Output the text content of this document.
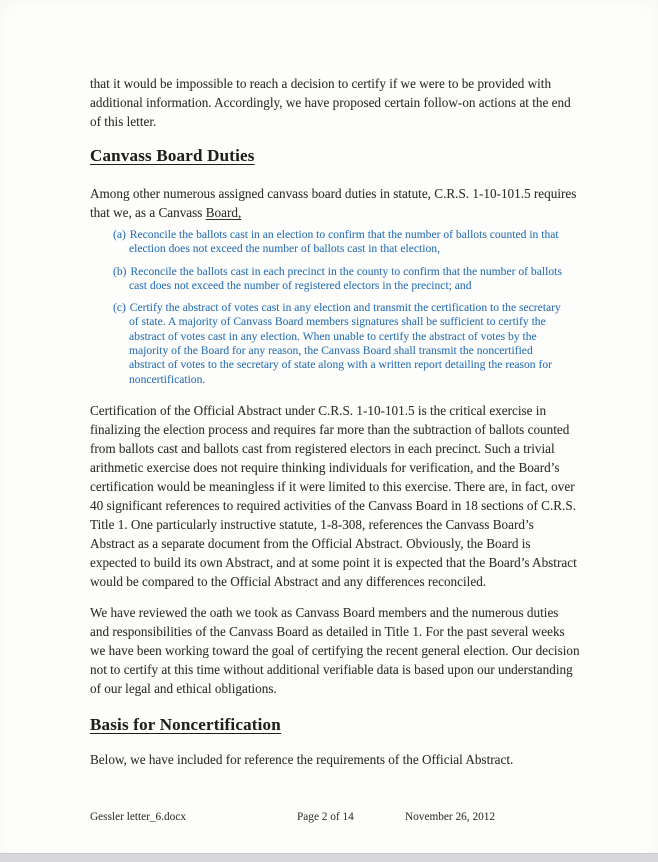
that it would be impossible to reach a decision to certify if we were to be provided with additional information. Accordingly, we have proposed certain follow-on actions at the end of this letter.

Canvass Board Duties

Among other numerous assigned canvass board duties in statute, C.R.S. 1-10-101.5 requires that we, as a Canvass Board,

(a) Reconcile the ballots cast in an election to confirm that the number of ballots counted in that election does not exceed the number of ballots cast in that election,
(b) Reconcile the ballots cast in each precinct in the county to confirm that the number of ballots cast does not exceed the number of registered electors in the precinct; and
(c) Certify the abstract of votes cast in any election and transmit the certification to the secretary of state. A majority of Canvass Board members signatures shall be sufficient to certify the abstract of votes cast in any election. When unable to certify the abstract of votes by the majority of the Board for any reason, the Canvass Board shall transmit the noncertified abstract of votes to the secretary of state along with a written report detailing the reason for noncertification.

Certification of the Official Abstract under C.R.S. 1-10-101.5 is the critical exercise in finalizing the election process and requires far more than the subtraction of ballots counted from ballots cast and ballots cast from registered electors in each precinct. Such a trivial arithmetic exercise does not require thinking individuals for verification, and the Board’s certification would be meaningless if it were limited to this exercise. There are, in fact, over 40 significant references to required activities of the Canvass Board in 18 sections of C.R.S. Title 1. One particularly instructive statute, 1-8-308, references the Canvass Board’s Abstract as a separate document from the Official Abstract. Obviously, the Board is expected to build its own Abstract, and at some point it is expected that the Board’s Abstract would be compared to the Official Abstract and any differences reconciled.

We have reviewed the oath we took as Canvass Board members and the numerous duties and responsibilities of the Canvass Board as detailed in Title 1. For the past several weeks we have been working toward the goal of certifying the recent general election. Our decision not to certify at this time without additional verifiable data is based upon our understanding of our legal and ethical obligations.

Basis for Noncertification

Below, we have included for reference the requirements of the Official Abstract.

Gessler letter_6.docx	Page 2 of 14	November 26, 2012
